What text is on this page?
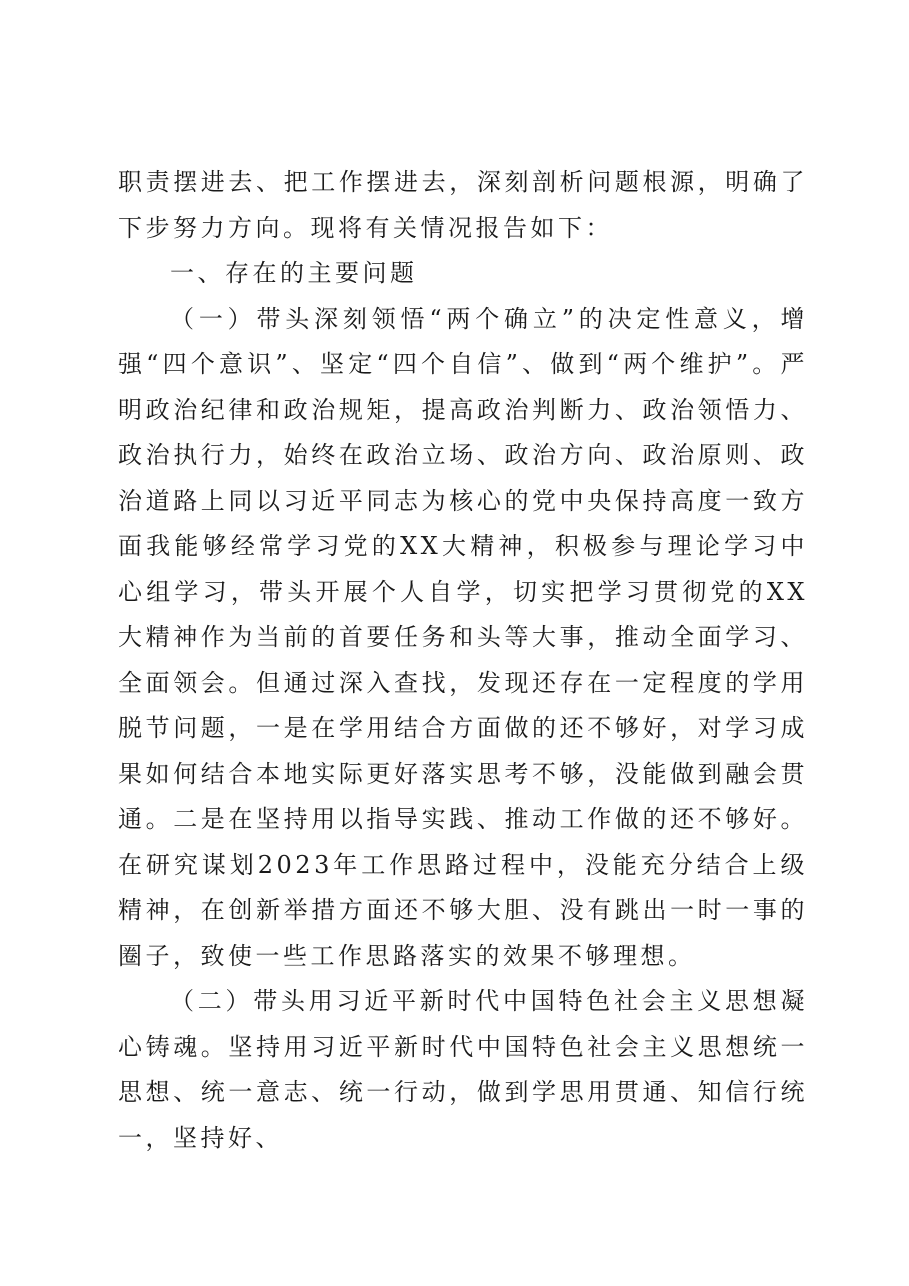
职责摆进去、把工作摆进去，深刻剖析问题根源，明确了下步努力方向。现将有关情况报告如下：

一、存在的主要问题

（一）带头深刻领悟“两个确立”的决定性意义，增强“四个意识”、坚定“四个自信”、做到“两个维护”。严明政治纪律和政治规矩，提高政治判断力、政治领悟力、政治执行力，始终在政治立场、政治方向、政治原则、政治道路上同以习近平同志为核心的党中央保持高度一致方面我能够经常学习党的XX大精神，积极参与理论学习中心组学习，带头开展个人自学，切实把学习贯彻党的XX大精神作为当前的首要任务和头等大事，推动全面学习、全面领会。但通过深入查找，发现还存在一定程度的学用脱节问题，一是在学用结合方面做的还不够好，对学习成果如何结合本地实际更好落实思考不够，没能做到融会贯通。二是在坚持用以指导实践、推动工作做的还不够好。在研究谋划2023年工作思路过程中，没能充分结合上级精神，在创新举措方面还不够大胆、没有跳出一时一事的圈子，致使一些工作思路落实的效果不够理想。

（二）带头用习近平新时代中国特色社会主义思想凝心铸魂。坚持用习近平新时代中国特色社会主义思想统一思想、统一意志、统一行动，做到学思用贯通、知信行统一，坚持好、
